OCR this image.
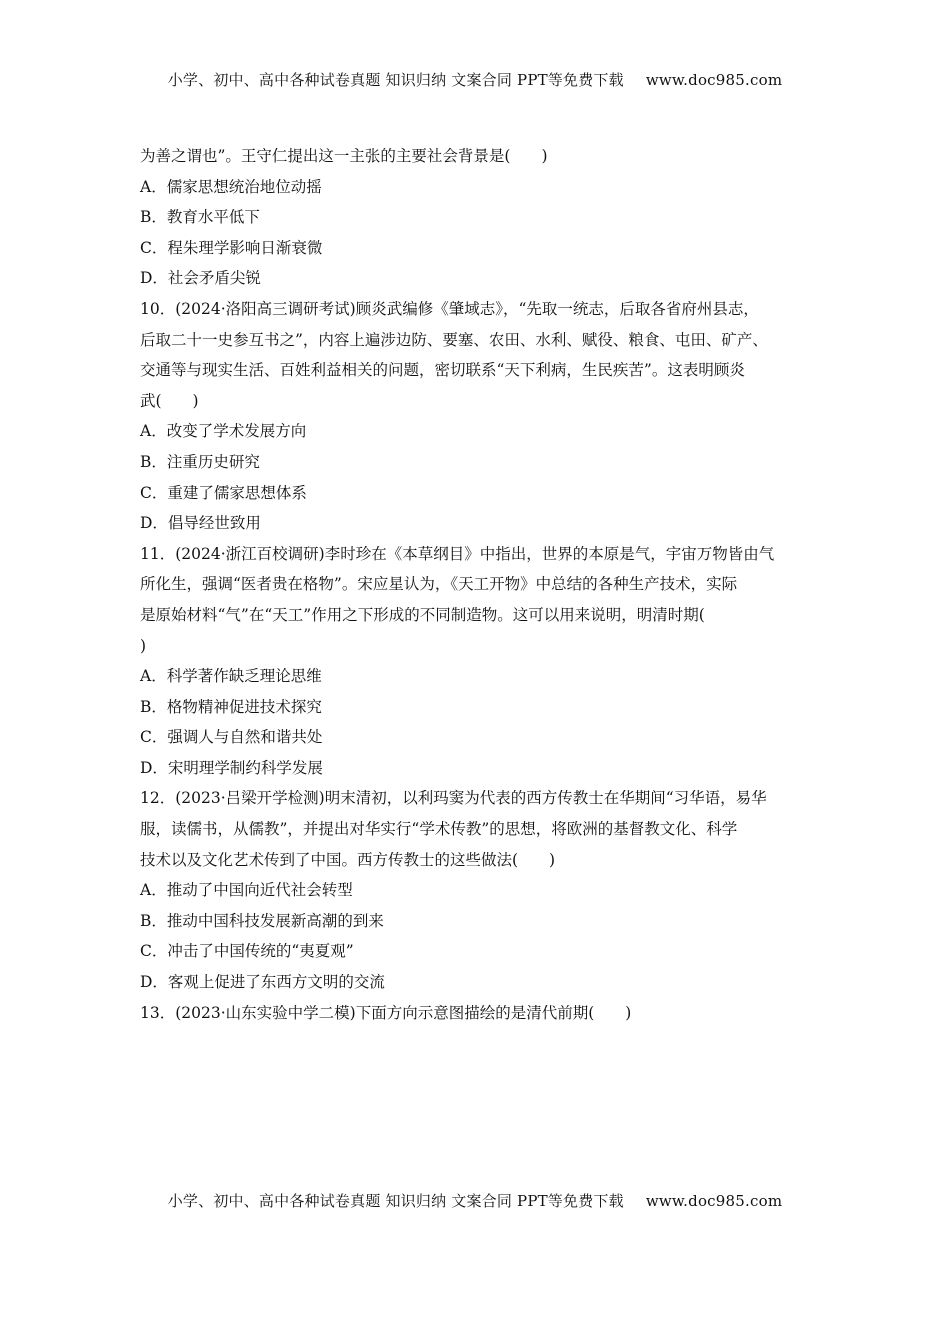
小学、初中、高中各种试卷真题 知识归纳 文案合同 PPT等免费下载 www.doc985.com
为善之谓也”。王守仁提出这一主张的主要社会背景是(　　)
A．儒家思想统治地位动摇
B．教育水平低下
C．程朱理学影响日渐衰微
D．社会矛盾尖锐
10．(2024·洛阳高三调研考试)顾炎武编修《肇域志》，“先取一统志，后取各省府州县志，
后取二十一史参互书之”，内容上遍涉边防、要塞、农田、水利、赋役、粮食、屯田、矿产、
交通等与现实生活、百姓利益相关的问题，密切联系“天下利病，生民疾苦”。这表明顾炎
武(　　)
A．改变了学术发展方向
B．注重历史研究
C．重建了儒家思想体系
D．倡导经世致用
11．(2024·浙江百校调研)李时珍在《本草纲目》中指出，世界的本原是气，宇宙万物皆由气
所化生，强调“医者贵在格物”。宋应星认为，《天工开物》中总结的各种生产技术，实际
是原始材料“气”在“天工”作用之下形成的不同制造物。这可以用来说明，明清时期(
)
A．科学著作缺乏理论思维
B．格物精神促进技术探究
C．强调人与自然和谐共处
D．宋明理学制约科学发展
12．(2023·吕梁开学检测)明末清初，以利玛窦为代表的西方传教士在华期间“习华语，易华
服，读儒书，从儒教”，并提出对华实行“学术传教”的思想，将欧洲的基督教文化、科学
技术以及文化艺术传到了中国。西方传教士的这些做法(　　)
A．推动了中国向近代社会转型
B．推动中国科技发展新高潮的到来
C．冲击了中国传统的“夷夏观”
D．客观上促进了东西方文明的交流
13．(2023·山东实验中学二模)下面方向示意图描绘的是清代前期(　　)
小学、初中、高中各种试卷真题 知识归纳 文案合同 PPT等免费下载 www.doc985.com
